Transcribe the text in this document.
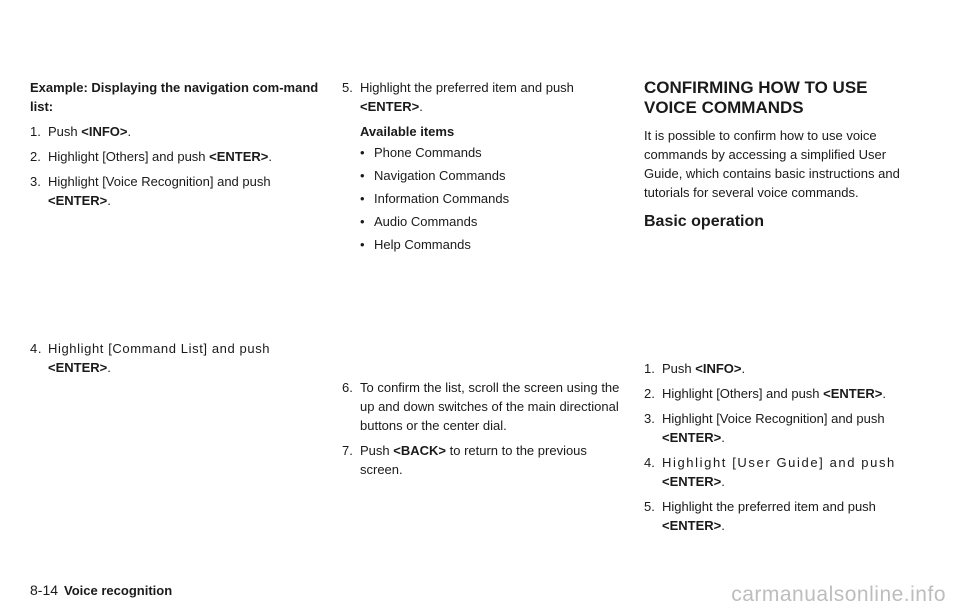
Example: Displaying the navigation com-mand list:
1. Push <INFO>.
2. Highlight [Others] and push <ENTER>.
3. Highlight [Voice Recognition] and push <ENTER>.
4. Highlight [Command List] and push <ENTER>.
5. Highlight the preferred item and push <ENTER>.
Available items
• Phone Commands
• Navigation Commands
• Information Commands
• Audio Commands
• Help Commands
6. To confirm the list, scroll the screen using the up and down switches of the main directional buttons or the center dial.
7. Push <BACK> to return to the previous screen.
CONFIRMING HOW TO USE VOICE COMMANDS

It is possible to confirm how to use voice commands by accessing a simplified User Guide, which contains basic instructions and tutorials for several voice commands.

Basic operation
1. Push <INFO>.
2. Highlight [Others] and push <ENTER>.
3. Highlight [Voice Recognition] and push <ENTER>.
4. Highlight [User Guide] and push <ENTER>.
5. Highlight the preferred item and push <ENTER>.
8-14 Voice recognition	carmanualsonline.info
